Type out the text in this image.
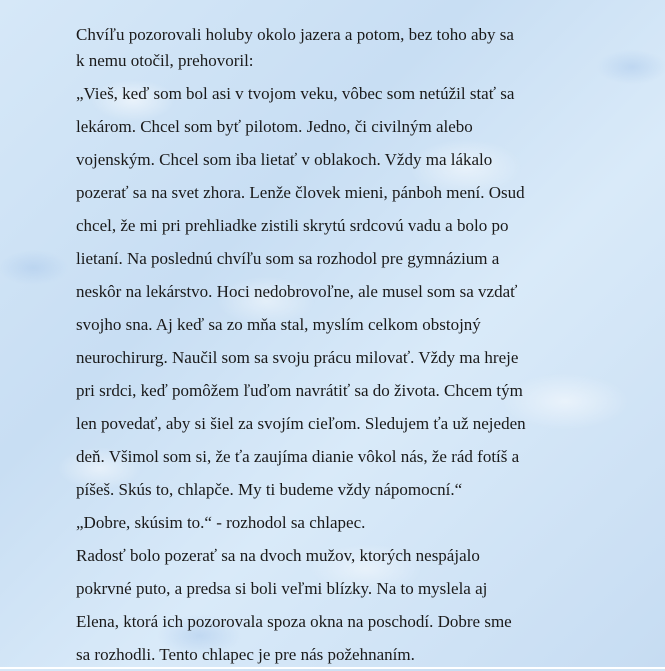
Chvíľu pozorovali holuby okolo jazera a potom, bez toho aby sa
k nemu otočil, prehovoril:
„Vieš, keď som bol asi v tvojom veku, vôbec som netúžil stať sa
lekárom. Chcel som byť pilotom. Jedno, či civilným alebo
vojenským. Chcel som iba lietať v oblakoch. Vždy ma lákalo
pozerať sa na svet zhora. Lenže človek mieni, pánboh mení. Osud
chcel, že mi pri prehliadke zistili skrytú srdcovú vadu a bolo po
lietaní. Na poslednú chvíľu som sa rozhodol pre gymnázium a
neskôr na lekárstvo. Hoci nedobrovoľne, ale musel som sa vzdať
svojho sna. Aj keď sa zo mňa stal, myslím celkom obstojný
neurochirurg. Naučil som sa svoju prácu milovať. Vždy ma hreje
pri srdci, keď pomôžem ľuďom navrátiť sa do života. Chcem tým
len povedať, aby si šiel za svojím cieľom. Sledujem ťa už nejeden
deň. Všimol som si, že ťa zaujíma dianie vôkol nás, že rád fotíš a
píšeš. Skús to, chlapče. My ti budeme vždy nápomocní.“
„Dobre, skúsim to.“ - rozhodol sa chlapec.
Radosť bolo pozerať sa na dvoch mužov, ktorých nespájalo
pokrvné puto, a predsa si boli veľmi blízky. Na to myslela aj
Elena, ktorá ich pozorovala spoza okna na poschodí. Dobre sme
sa rozhodli. Tento chlapec je pre nás požehnaním.
